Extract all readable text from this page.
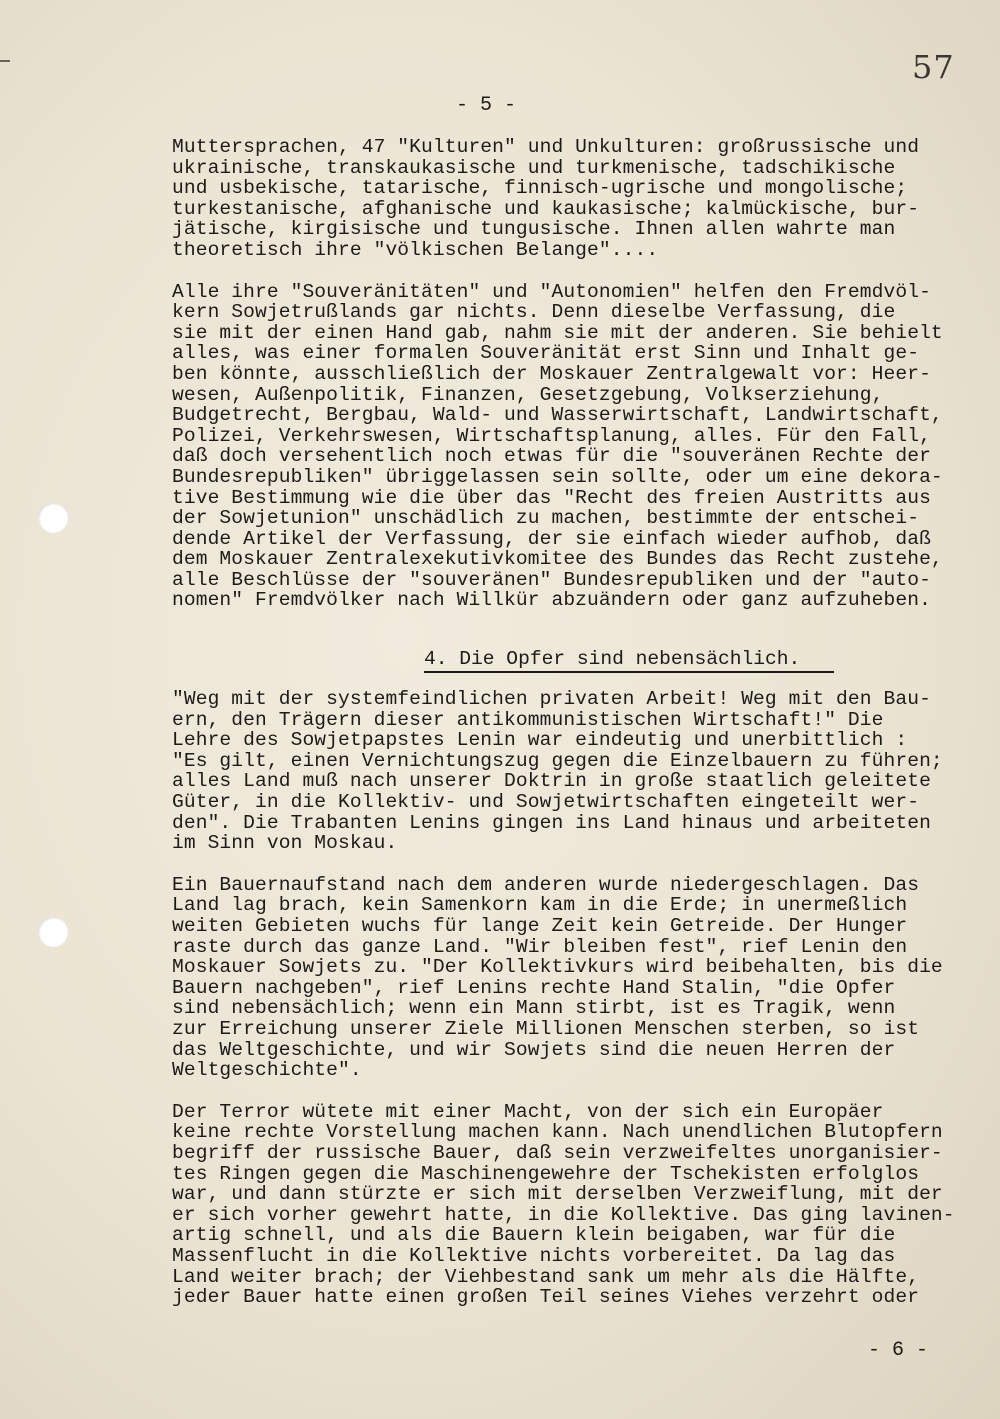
57
- 5 -

Muttersprachen, 47 "Kulturen" und Unkulturen: großrussische und
ukrainische, transkaukasische und turkmenische, tadschikische
und usbekische, tatarische, finnisch-ugrische und mongolische;
turkestanische, afghanische und kaukasische; kalmückische, bur-
jätische, kirgisische und tungusische. Ihnen allen wahrte man
theoretisch ihre "völkischen Belange"....

Alle ihre "Souveränitäten" und "Autonomien" helfen den Fremdvöl-
kern Sowjetrußlands gar nichts. Denn dieselbe Verfassung, die
sie mit der einen Hand gab, nahm sie mit der anderen. Sie behielt
alles, was einer formalen Souveränität erst Sinn und Inhalt ge-
ben könnte, ausschließlich der Moskauer Zentralgewalt vor: Heer-
wesen, Außenpolitik, Finanzen, Gesetzgebung, Volkserziehung,
Budgetrecht, Bergbau, Wald- und Wasserwirtschaft, Landwirtschaft,
Polizei, Verkehrswesen, Wirtschaftsplanung, alles. Für den Fall,
daß doch versehentlich noch etwas für die "souveränen Rechte der
Bundesrepubliken" übriggelassen sein sollte, oder um eine dekora-
tive Bestimmung wie die über das "Recht des freien Austritts aus
der Sowjetunion" unschädlich zu machen, bestimmte der entschei-
dende Artikel der Verfassung, der sie einfach wieder aufhob, daß
dem Moskauer Zentralexekutivkomitee des Bundes das Recht zustehe,
alle Beschlüsse der "souveränen" Bundesrepubliken und der "auto-
nomen" Fremdvölker nach Willkür abzuändern oder ganz aufzuheben.

4. Die Opfer sind nebensächlich.

"Weg mit der systemfeindlichen privaten Arbeit! Weg mit den Bau-
ern, den Trägern dieser antikommunistischen Wirtschaft!" Die
Lehre des Sowjetpapstes Lenin war eindeutig und unerbittlich :
"Es gilt, einen Vernichtungszug gegen die Einzelbauern zu führen;
alles Land muß nach unserer Doktrin in große staatlich geleitete
Güter, in die Kollektiv- und Sowjetwirtschaften eingeteilt wer-
den". Die Trabanten Lenins gingen ins Land hinaus und arbeiteten
im Sinn von Moskau.

Ein Bauernaufstand nach dem anderen wurde niedergeschlagen. Das
Land lag brach, kein Samenkorn kam in die Erde; in unermeßlich
weiten Gebieten wuchs für lange Zeit kein Getreide. Der Hunger
raste durch das ganze Land. "Wir bleiben fest", rief Lenin den
Moskauer Sowjets zu. "Der Kollektivkurs wird beibehalten, bis die
Bauern nachgeben", rief Lenins rechte Hand Stalin, "die Opfer
sind nebensächlich; wenn ein Mann stirbt, ist es Tragik, wenn
zur Erreichung unserer Ziele Millionen Menschen sterben, so ist
das Weltgeschichte, und wir Sowjets sind die neuen Herren der
Weltgeschichte".

Der Terror wütete mit einer Macht, von der sich ein Europäer
keine rechte Vorstellung machen kann. Nach unendlichen Blutopfern
begriff der russische Bauer, daß sein verzweifeltes unorganisier-
tes Ringen gegen die Maschinengewehre der Tschekisten erfolglos
war, und dann stürzte er sich mit derselben Verzweiflung, mit der
er sich vorher gewehrt hatte, in die Kollektive. Das ging lavinen-
artig schnell, und als die Bauern klein beigaben, war für die
Massenflucht in die Kollektive nichts vorbereitet. Da lag das
Land weiter brach; der Viehbestand sank um mehr als die Hälfte,
jeder Bauer hatte einen großen Teil seines Viehes verzehrt oder

- 6 -
